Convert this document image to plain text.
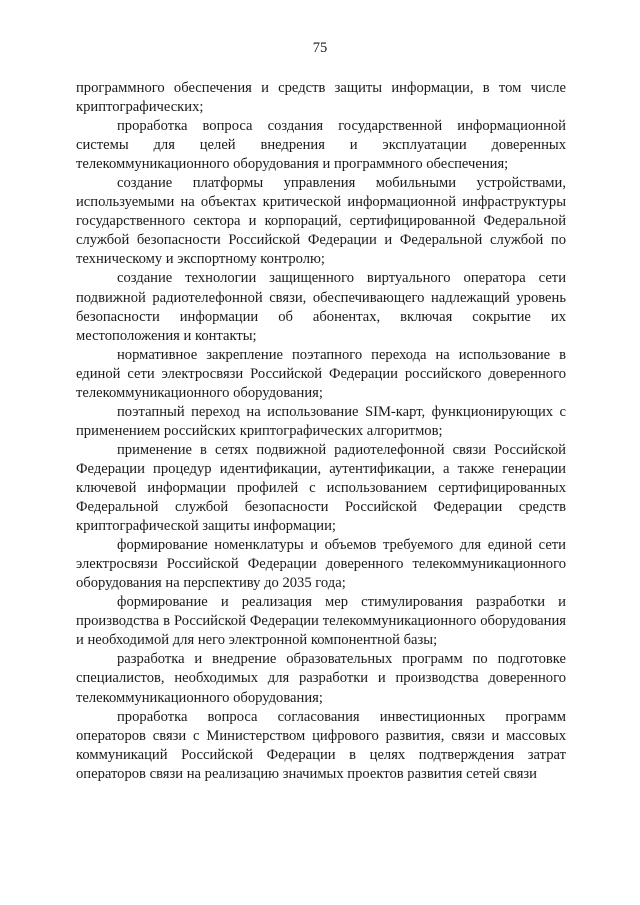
75

программного обеспечения и средств защиты информации, в том числе криптографических;

проработка вопроса создания государственной информационной системы для целей внедрения и эксплуатации доверенных телекоммуникационного оборудования и программного обеспечения;

создание платформы управления мобильными устройствами, используемыми на объектах критической информационной инфраструктуры государственного сектора и корпораций, сертифицированной Федеральной службой безопасности Российской Федерации и Федеральной службой по техническому и экспортному контролю;

создание технологии защищенного виртуального оператора сети подвижной радиотелефонной связи, обеспечивающего надлежащий уровень безопасности информации об абонентах, включая сокрытие их местоположения и контакты;

нормативное закрепление поэтапного перехода на использование в единой сети электросвязи Российской Федерации российского доверенного телекоммуникационного оборудования;

поэтапный переход на использование SIM-карт, функционирующих с применением российских криптографических алгоритмов;

применение в сетях подвижной радиотелефонной связи Российской Федерации процедур идентификации, аутентификации, а также генерации ключевой информации профилей с использованием сертифицированных Федеральной службой безопасности Российской Федерации средств криптографической защиты информации;

формирование номенклатуры и объемов требуемого для единой сети электросвязи Российской Федерации доверенного телекоммуникационного оборудования на перспективу до 2035 года;

формирование и реализация мер стимулирования разработки и производства в Российской Федерации телекоммуникационного оборудования и необходимой для него электронной компонентной базы;

разработка и внедрение образовательных программ по подготовке специалистов, необходимых для разработки и производства доверенного телекоммуникационного оборудования;

проработка вопроса согласования инвестиционных программ операторов связи с Министерством цифрового развития, связи и массовых коммуникаций Российской Федерации в целях подтверждения затрат операторов связи на реализацию значимых проектов развития сетей связи
